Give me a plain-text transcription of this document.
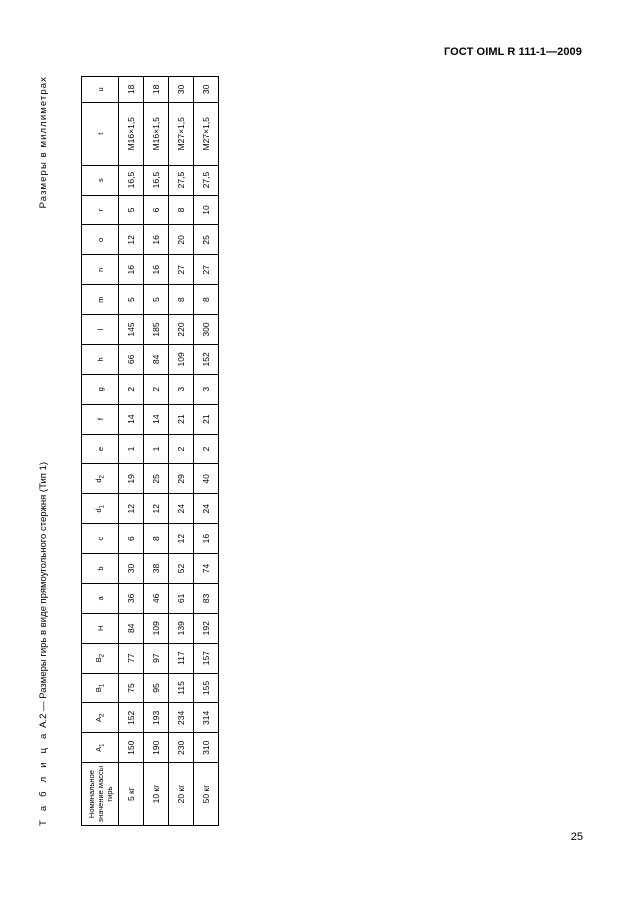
ГОСТ OIML R 111-1—2009
Т а б л и ц а A.2 — Размеры гирь в виде прямоугольного стержня (Тип 1)
Размеры в миллиметрах
Номинальное значение массы гирь	$A_1$	$A_2$	$B_1$	$B_2$	H	a	b	c	$d_1$	$d_2$	e	f	g	h	l	m	n	o	r	s	t	u
5 кг	150	152	75	77	84	36	30	6	12	19	1	14	2	66	145	5	16	12	5	16,5	M16×1,5	18
10 кг	190	193	95	97	109	46	38	8	12	25	1	14	2	84	185	5	16	16	6	16,5	M16×1,5	18
20 кг	230	234	115	117	139	61	52	12	24	29	2	21	3	109	220	8	27	20	8	27,5	M27×1,5	30
50 кг	310	314	155	157	192	83	74	16	24	40	2	21	3	152	300	8	27	25	10	27,5	M27×1,5	30
25
